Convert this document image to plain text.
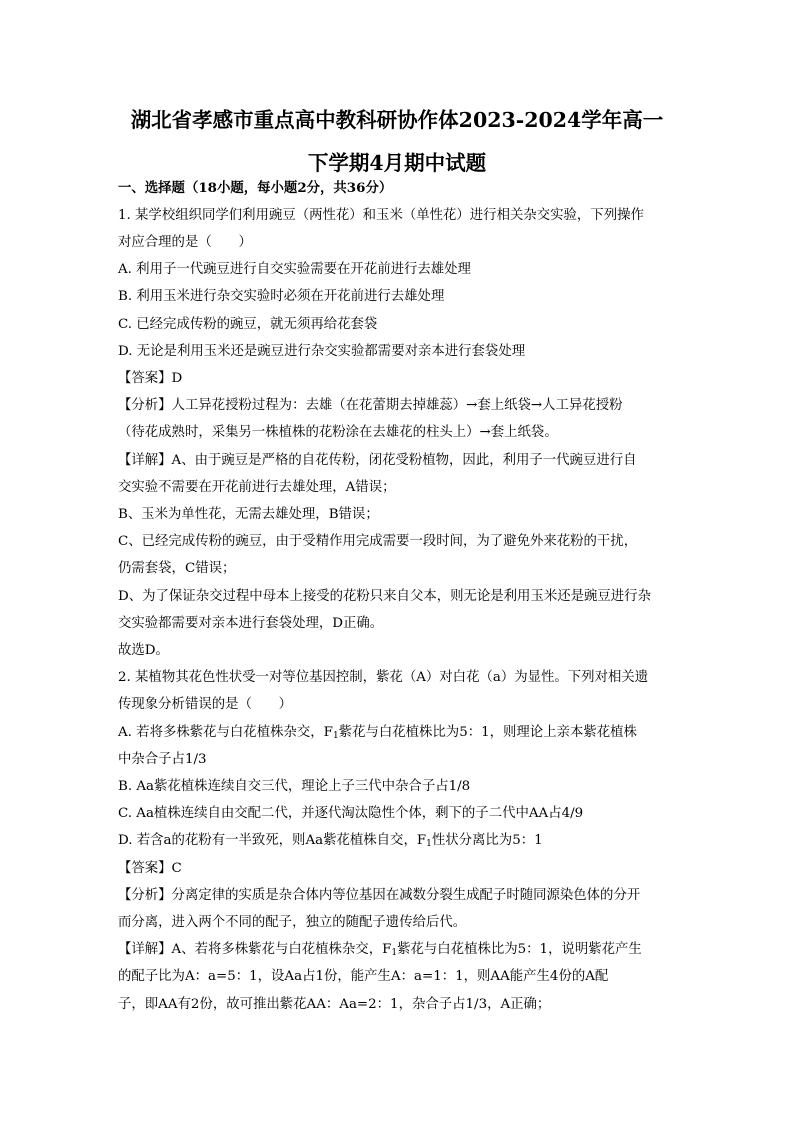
湖北省孝感市重点高中教科研协作体2023-2024学年高一
下学期4月期中试题
一、选择题（18小题，每小题2分，共36分）
1. 某学校组织同学们利用豌豆（两性花）和玉米（单性花）进行相关杂交实验，下列操作
对应合理的是（　　）
A. 利用子一代豌豆进行自交实验需要在开花前进行去雄处理
B. 利用玉米进行杂交实验时必须在开花前进行去雄处理
C. 已经完成传粉的豌豆，就无须再给花套袋
D. 无论是利用玉米还是豌豆进行杂交实验都需要对亲本进行套袋处理
【答案】D
【分析】人工异花授粉过程为：去雄（在花蕾期去掉雄蕊）→套上纸袋→人工异花授粉
（待花成熟时，采集另一株植株的花粉涂在去雄花的柱头上）→套上纸袋。
【详解】A、由于豌豆是严格的自花传粉，闭花受粉植物，因此，利用子一代豌豆进行自
交实验不需要在开花前进行去雄处理，A错误；
B、玉米为单性花，无需去雄处理，B错误；
C、已经完成传粉的豌豆，由于受精作用完成需要一段时间，为了避免外来花粉的干扰，
仍需套袋，C错误；
D、为了保证杂交过程中母本上接受的花粉只来自父本，则无论是利用玉米还是豌豆进行杂
交实验都需要对亲本进行套袋处理，D正确。
故选D。
2. 某植物其花色性状受一对等位基因控制，紫花（A）对白花（a）为显性。下列对相关遗
传现象分析错误的是（　　）
A. 若将多株紫花与白花植株杂交，$F_1$紫花与白花植株比为5：1，则理论上亲本紫花植株
中杂合子占1/3
B. Aa紫花植株连续自交三代，理论上子三代中杂合子占1/8
C. Aa植株连续自由交配二代，并逐代淘汰隐性个体，剩下的子二代中AA占4/9
D. 若含a的花粉有一半致死，则Aa紫花植株自交，$F_1$性状分离比为5：1
【答案】C
【分析】分离定律的实质是杂合体内等位基因在减数分裂生成配子时随同源染色体的分开
而分离，进入两个不同的配子，独立的随配子遗传给后代。
【详解】A、若将多株紫花与白花植株杂交，$F_1$紫花与白花植株比为5：1，说明紫花产生
的配子比为A：a=5：1，设Aa占1份，能产生A：a=1：1，则AA能产生4份的A配
子，即AA有2份，故可推出紫花AA：Aa=2：1，杂合子占1/3，A正确；
